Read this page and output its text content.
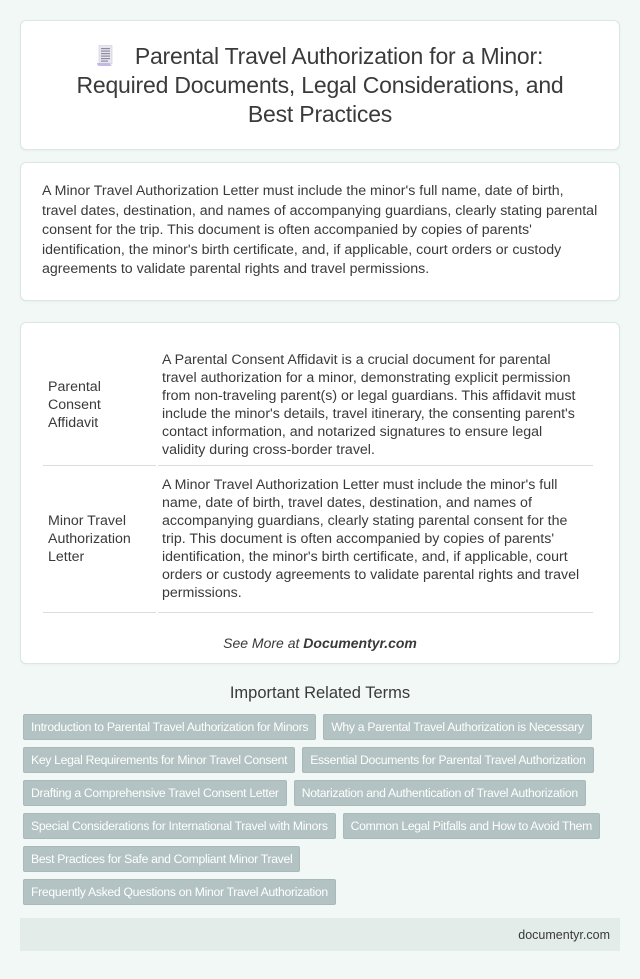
Parental Travel Authorization for a Minor: Required Documents, Legal Considerations, and Best Practices

A Minor Travel Authorization Letter must include the minor's full name, date of birth, travel dates, destination, and names of accompanying guardians, clearly stating parental consent for the trip. This document is often accompanied by copies of parents' identification, the minor's birth certificate, and, if applicable, court orders or custody agreements to validate parental rights and travel permissions.

Parental Consent Affidavit	A Parental Consent Affidavit is a crucial document for parental travel authorization for a minor, demonstrating explicit permission from non-traveling parent(s) or legal guardians. This affidavit must include the minor's details, travel itinerary, the consenting parent's contact information, and notarized signatures to ensure legal validity during cross-border travel.
Minor Travel Authorization Letter	A Minor Travel Authorization Letter must include the minor's full name, date of birth, travel dates, destination, and names of accompanying guardians, clearly stating parental consent for the trip. This document is often accompanied by copies of parents' identification, the minor's birth certificate, and, if applicable, court orders or custody agreements to validate parental rights and travel permissions.

See More at Documentyr.com

Important Related Terms
Introduction to Parental Travel Authorization for Minors	Why a Parental Travel Authorization is Necessary
Key Legal Requirements for Minor Travel Consent	Essential Documents for Parental Travel Authorization
Drafting a Comprehensive Travel Consent Letter	Notarization and Authentication of Travel Authorization
Special Considerations for International Travel with Minors	Common Legal Pitfalls and How to Avoid Them
Best Practices for Safe and Compliant Minor Travel
Frequently Asked Questions on Minor Travel Authorization
documentyr.com
